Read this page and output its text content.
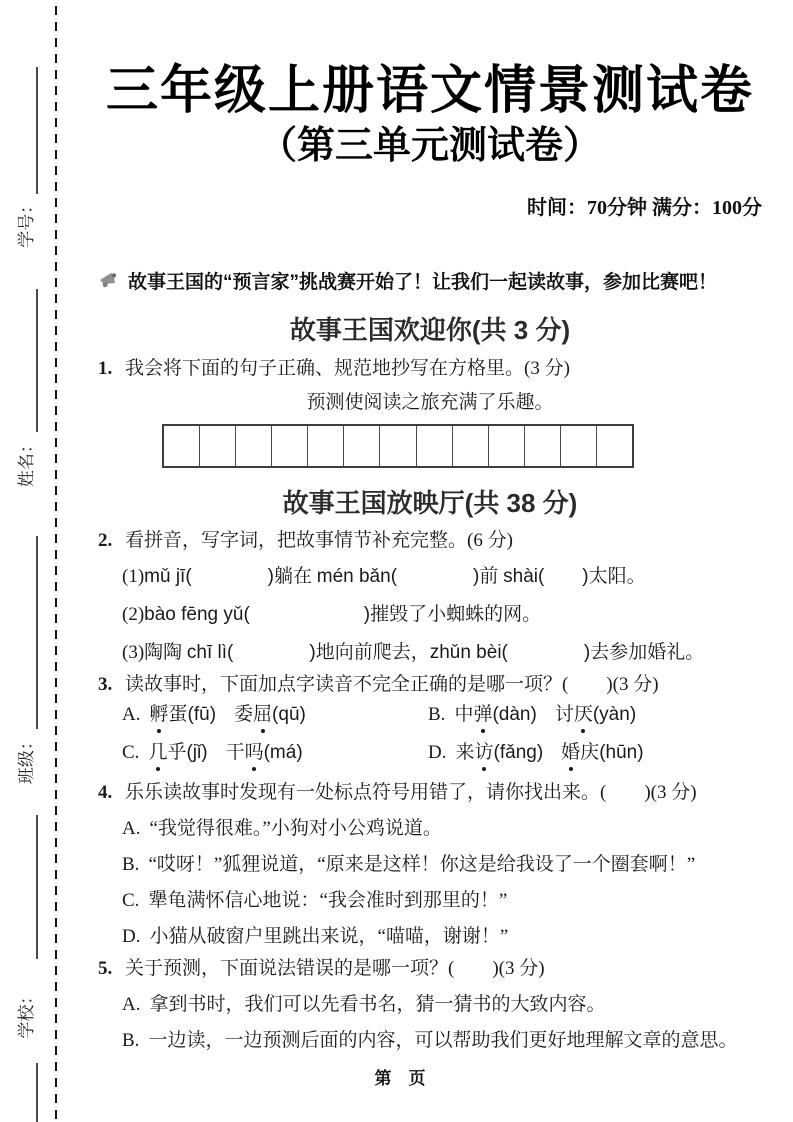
学校：
班级：
姓名：
学号：
三年级上册语文情景测试卷
（第三单元测试卷）
时间：70分钟 满分：100分
故事王国的“预言家”挑战赛开始了！让我们一起读故事，参加比赛吧！
故事王国欢迎你(共 3 分)
1. 我会将下面的句子正确、规范地抄写在方格里。(3 分)
预测使阅读之旅充满了乐趣。
故事王国放映厅(共 38 分)
2. 看拼音，写字词，把故事情节补充完整。(6 分)
(1)mǔ jī(　　　　)躺在 mén bǎn(　　　　)前 shài(　　)太阳。
(2)bào fēng yǔ(　　　　　　)摧毁了小蜘蛛的网。
(3)陶陶 chī lì(　　　　)地向前爬去，zhǔn bèi(　　　　)去参加婚礼。
3. 读故事时，下面加点字读音不完全正确的是哪一项？(　　)(3 分)
A. 孵蛋(fū) 委屈(qū)	B. 中弹(dàn) 讨厌(yàn)
C. 几乎(jǐ) 干吗(má)	D. 来访(fǎng) 婚庆(hūn)
4. 乐乐读故事时发现有一处标点符号用错了，请你找出来。(　　)(3 分)
A. “我觉得很难。”小狗对小公鸡说道。
B. “哎呀！”狐狸说道，“原来是这样！你这是给我设了一个圈套啊！”
C. 犟龟满怀信心地说：“我会准时到那里的！”
D. 小猫从破窗户里跳出来说，“喵喵，谢谢！”
5. 关于预测，下面说法错误的是哪一项？(　　)(3 分)
A. 拿到书时，我们可以先看书名，猜一猜书的大致内容。
B. 一边读，一边预测后面的内容，可以帮助我们更好地理解文章的意思。
第　页
